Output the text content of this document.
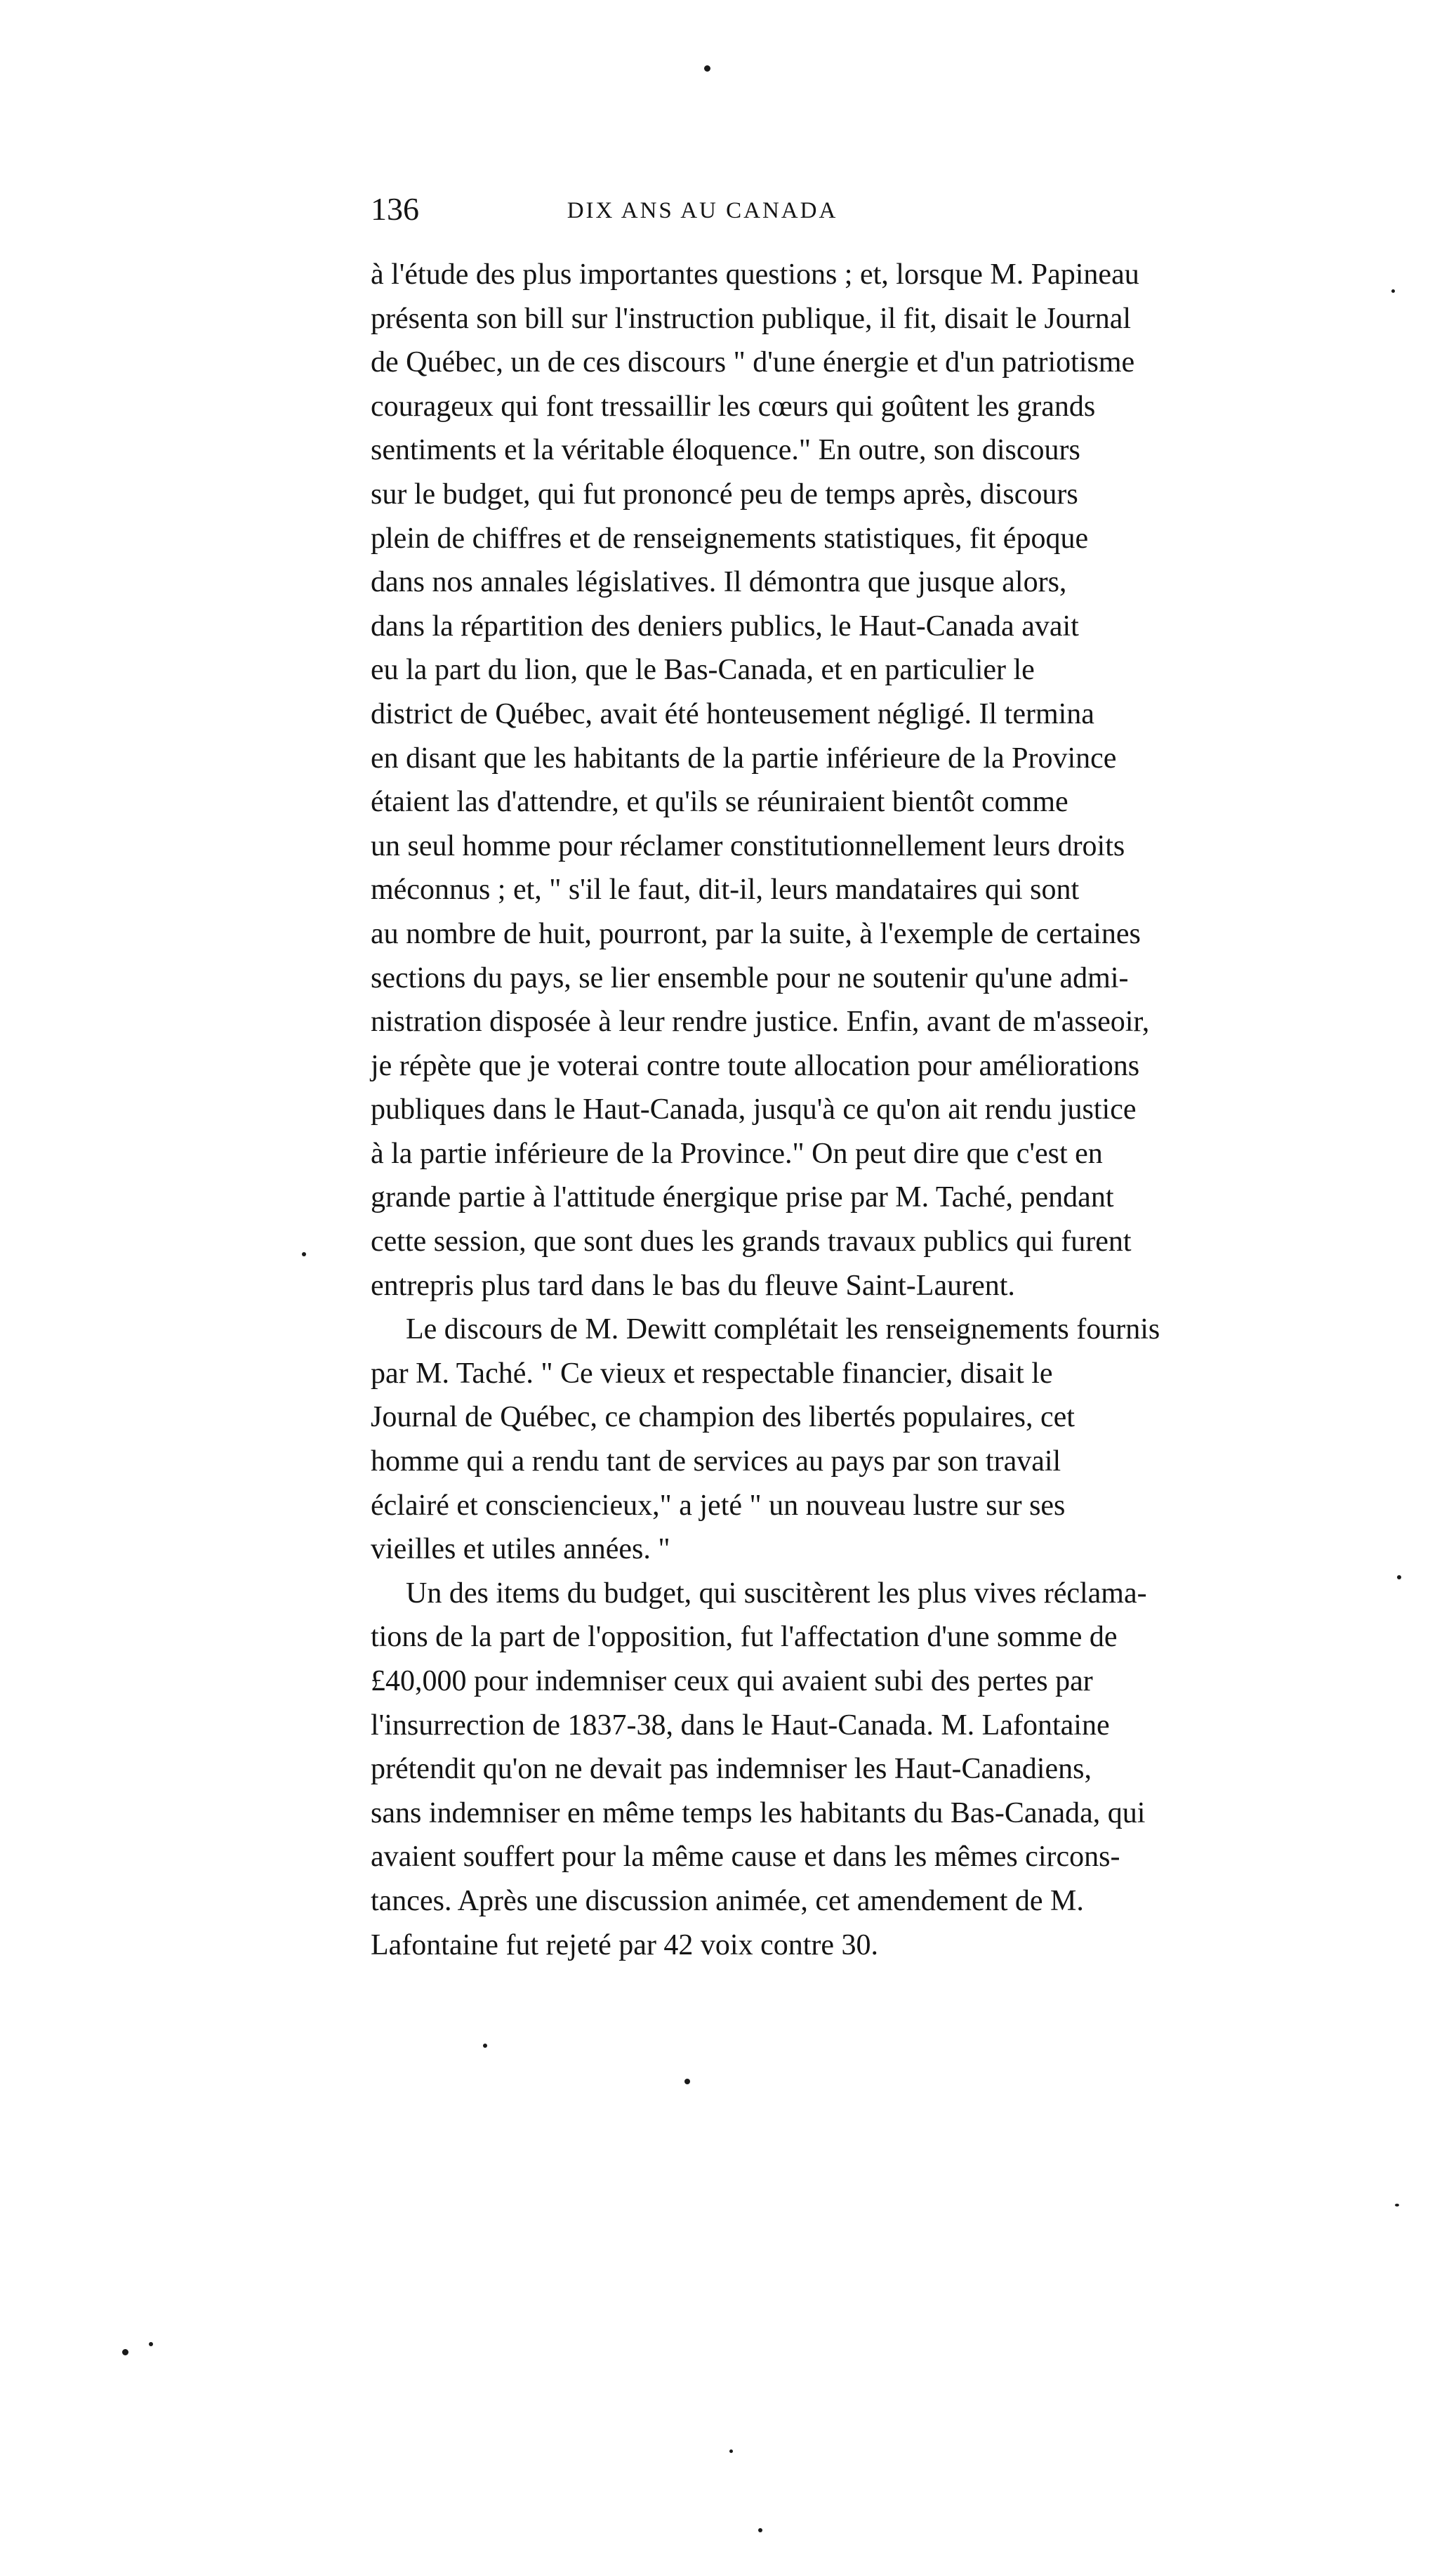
136	DIX ANS AU CANADA

à l'étude des plus importantes questions ; et, lorsque M. Papineau
présenta son bill sur l'instruction publique, il fit, disait le Journal
de Québec, un de ces discours " d'une énergie et d'un patriotisme
courageux qui font tressaillir les cœurs qui goûtent les grands
sentiments et la véritable éloquence." En outre, son discours
sur le budget, qui fut prononcé peu de temps après, discours
plein de chiffres et de renseignements statistiques, fit époque
dans nos annales législatives. Il démontra que jusque alors,
dans la répartition des deniers publics, le Haut-Canada avait
eu la part du lion, que le Bas-Canada, et en particulier le
district de Québec, avait été honteusement négligé. Il termina
en disant que les habitants de la partie inférieure de la Province
étaient las d'attendre, et qu'ils se réuniraient bientôt comme
un seul homme pour réclamer constitutionnellement leurs droits
méconnus ; et, " s'il le faut, dit-il, leurs mandataires qui sont
au nombre de huit, pourront, par la suite, à l'exemple de certaines
sections du pays, se lier ensemble pour ne soutenir qu'une admi-
nistration disposée à leur rendre justice. Enfin, avant de m'asseoir,
je répète que je voterai contre toute allocation pour améliorations
publiques dans le Haut-Canada, jusqu'à ce qu'on ait rendu justice
à la partie inférieure de la Province." On peut dire que c'est en
grande partie à l'attitude énergique prise par M. Taché, pendant
cette session, que sont dues les grands travaux publics qui furent
entrepris plus tard dans le bas du fleuve Saint-Laurent.

Le discours de M. Dewitt complétait les renseignements fournis
par M. Taché. " Ce vieux et respectable financier, disait le
Journal de Québec, ce champion des libertés populaires, cet
homme qui a rendu tant de services au pays par son travail
éclairé et consciencieux," a jeté " un nouveau lustre sur ses
vieilles et utiles années. "

Un des items du budget, qui suscitèrent les plus vives réclama-
tions de la part de l'opposition, fut l'affectation d'une somme de
£40,000 pour indemniser ceux qui avaient subi des pertes par
l'insurrection de 1837-38, dans le Haut-Canada. M. Lafontaine
prétendit qu'on ne devait pas indemniser les Haut-Canadiens,
sans indemniser en même temps les habitants du Bas-Canada, qui
avaient souffert pour la même cause et dans les mêmes circons-
tances. Après une discussion animée, cet amendement de M.
Lafontaine fut rejeté par 42 voix contre 30.
